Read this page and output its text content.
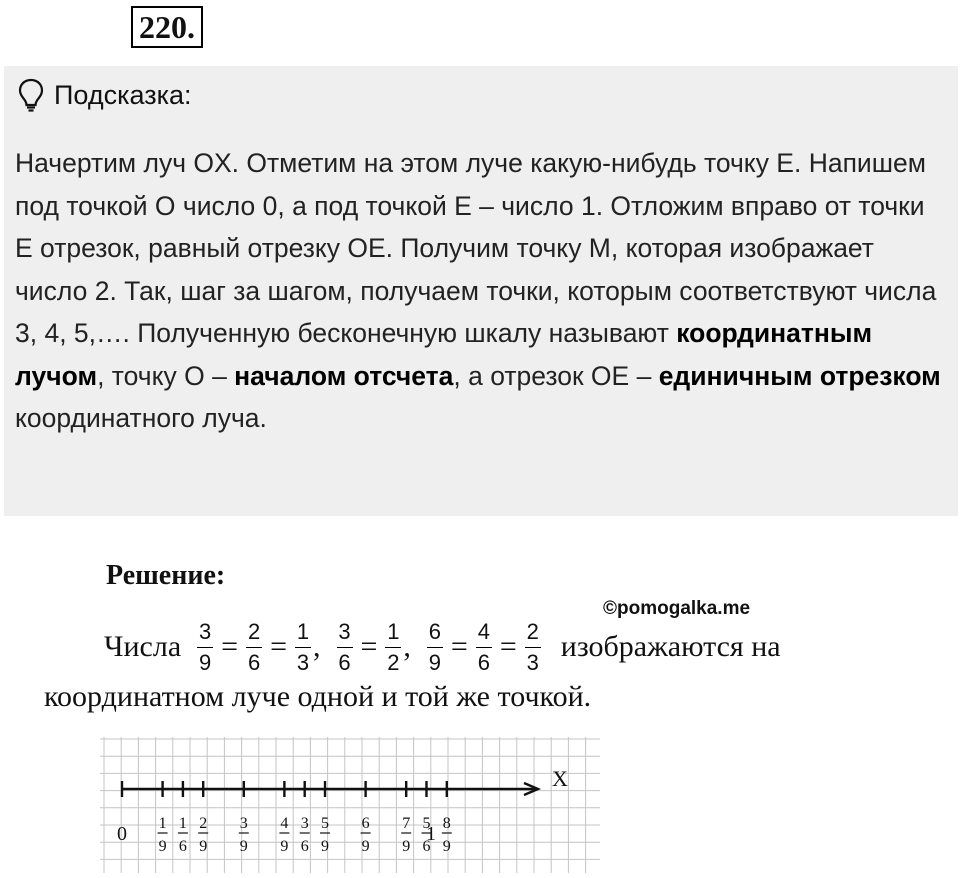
220.
Подсказка:
Начертим луч OX. Отметим на этом луче какую-нибудь точку E. Напишем под точкой O число 0, а под точкой E – число 1. Отложим вправо от точки E отрезок, равный отрезку OE. Получим точку M, которая изображает число 2. Так, шаг за шагом, получаем точки, которым соответствуют числа 3, 4, 5,…. Полученную бесконечную шкалу называют координатным лучом, точку O – началом отсчета, а отрезок OE – единичным отрезком координатного луча.
Решение:
©pomogalka.me
Числа $\frac{3}{9} = \frac{2}{6} = \frac{1}{3}$ , $\frac{3}{6} = \frac{1}{2}$ , $\frac{6}{9} = \frac{4}{6} = \frac{2}{3}$ изображаются на
координатном луче одной и той же точкой.
X
1
9
1
6
2
9
3
9
4
9
3
6
5
9
6
9
7
9
5
6
8
9
0	1
